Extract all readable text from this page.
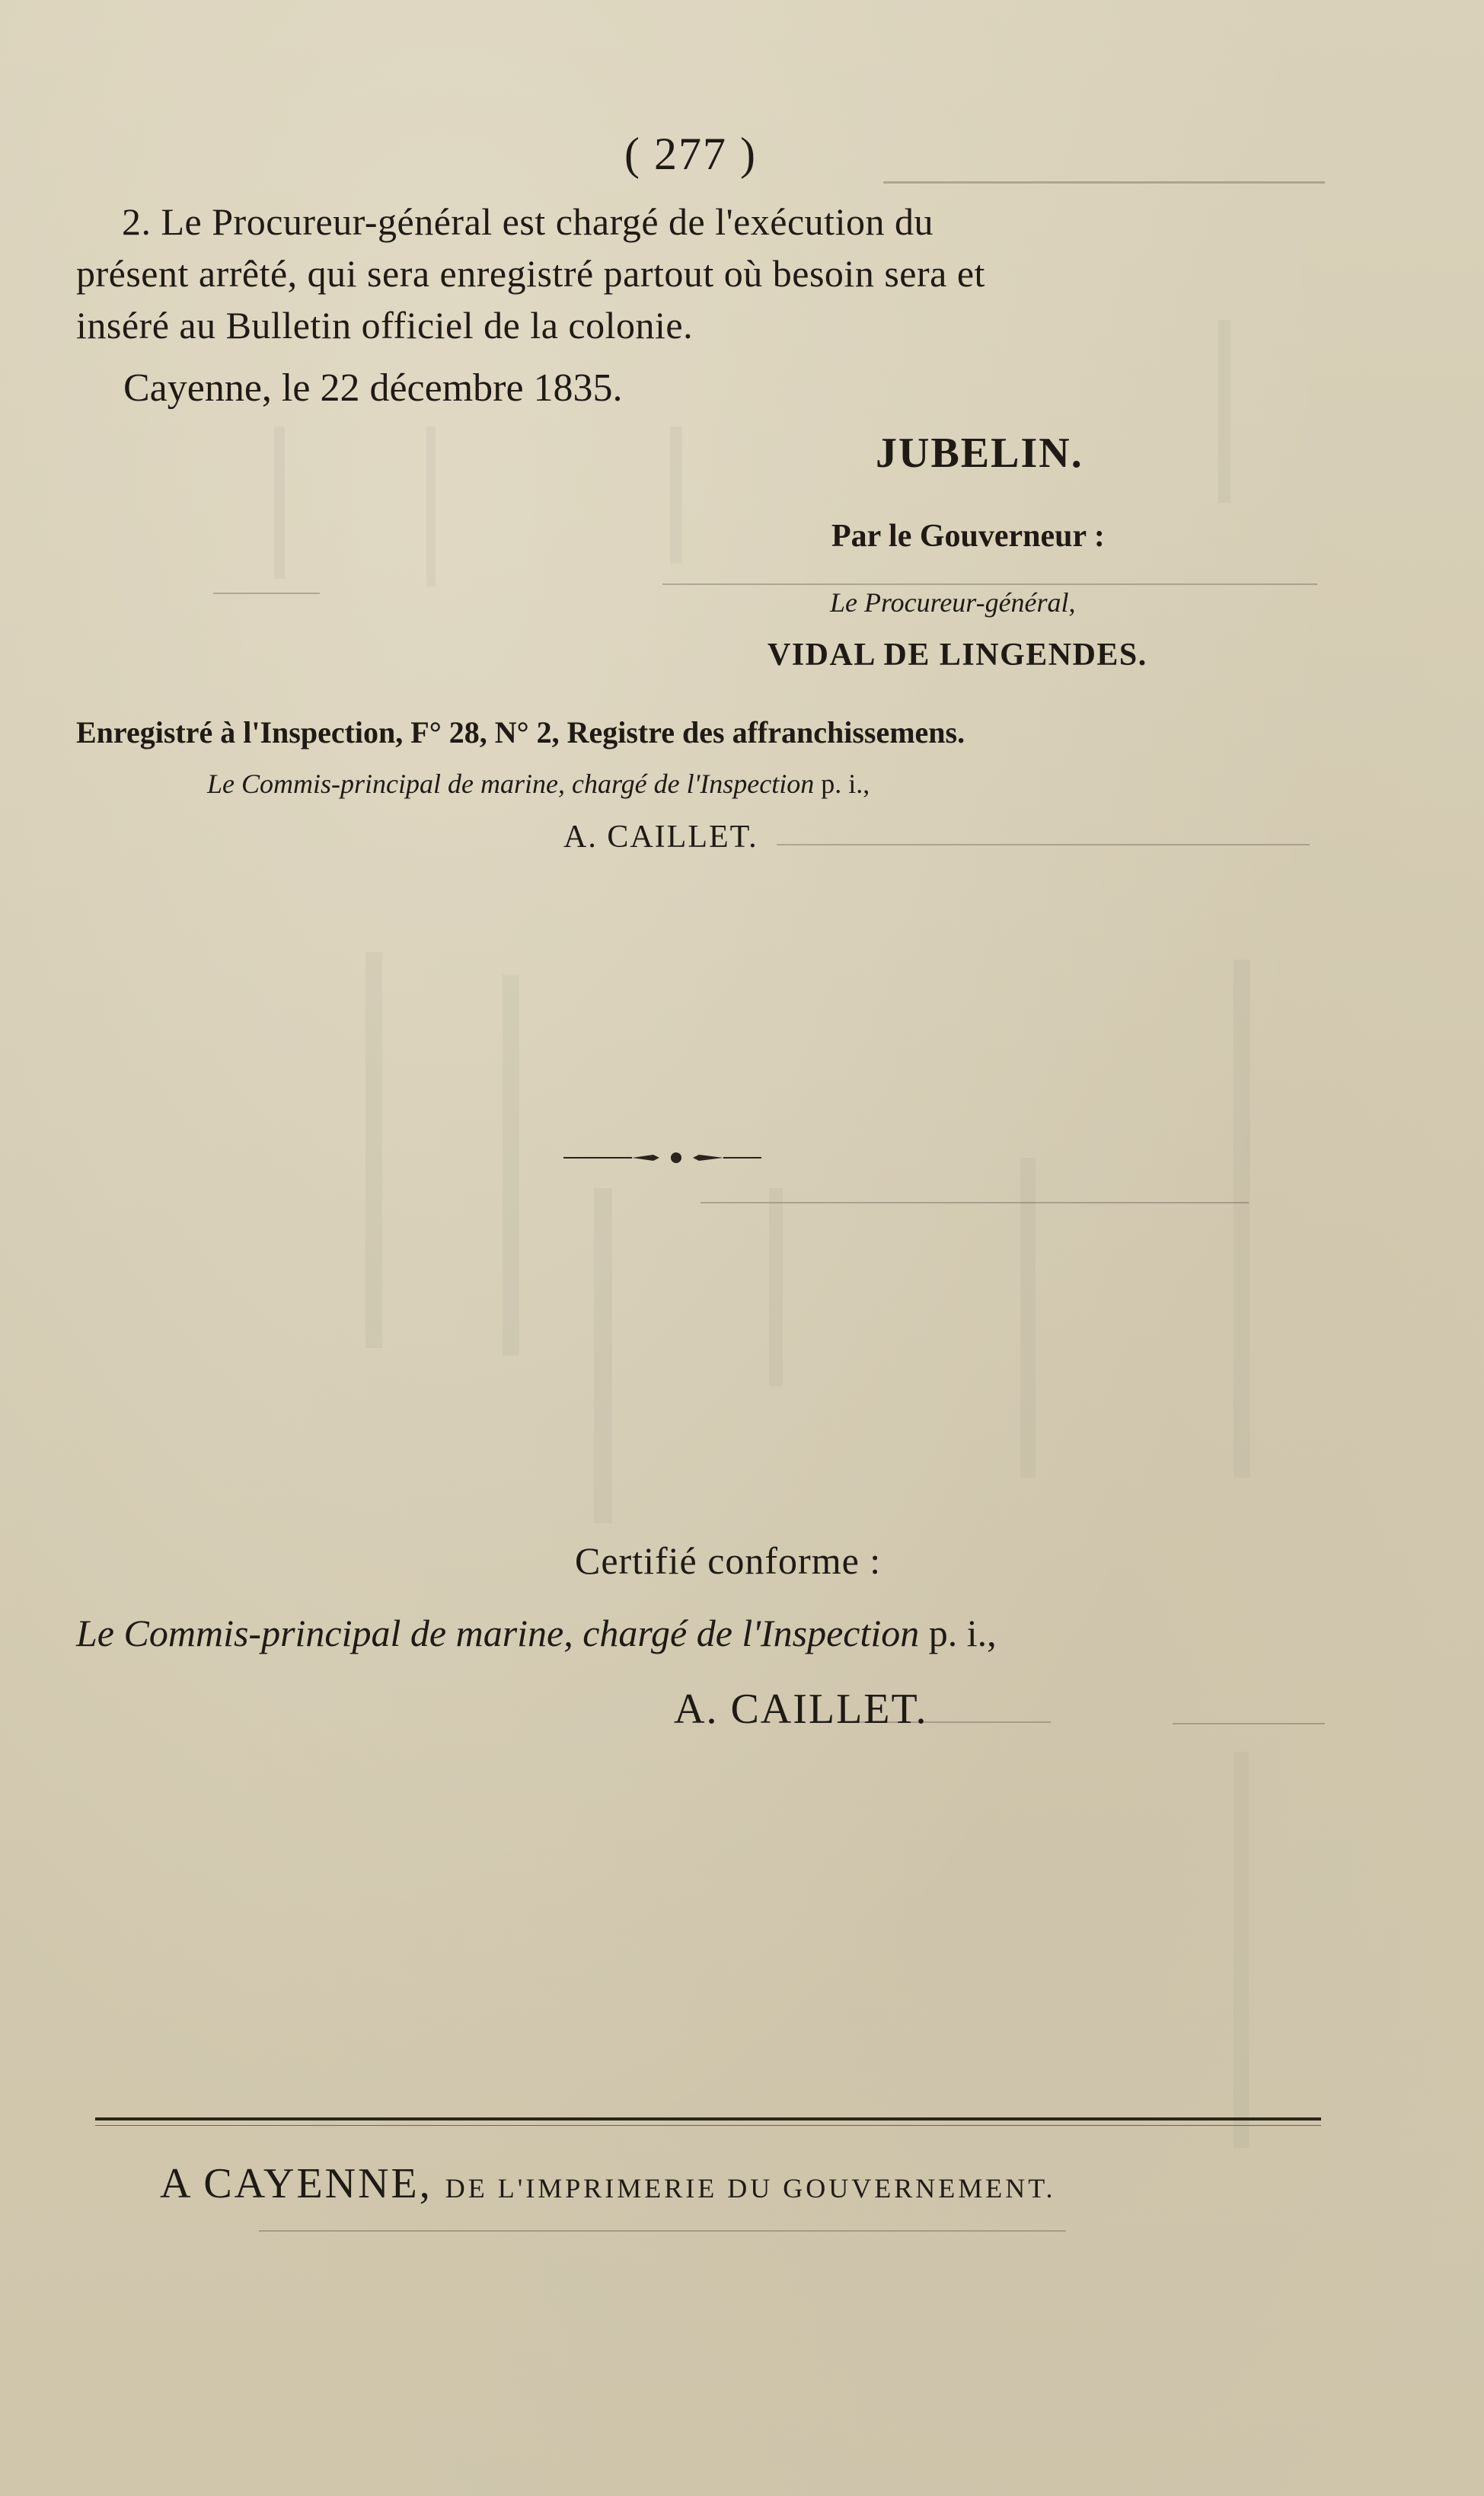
( 277 )
2. Le Procureur-général est chargé de l'exécution du
présent arrêté, qui sera enregistré partout où besoin sera et
inséré au Bulletin officiel de la colonie.
Cayenne, le 22 décembre 1835.
JUBELIN.
Par le Gouverneur :
Le Procureur-général,
VIDAL DE LINGENDES.
Enregistré à l'Inspection, F° 28, N° 2, Registre des affranchissemens.
Le Commis-principal de marine, chargé de l'Inspection p. i.,
A. CAILLET.
Certifié conforme :
Le Commis-principal de marine, chargé de l'Inspection p. i.,
A. CAILLET.
A CAYENNE, DE L'IMPRIMERIE DU GOUVERNEMENT.
